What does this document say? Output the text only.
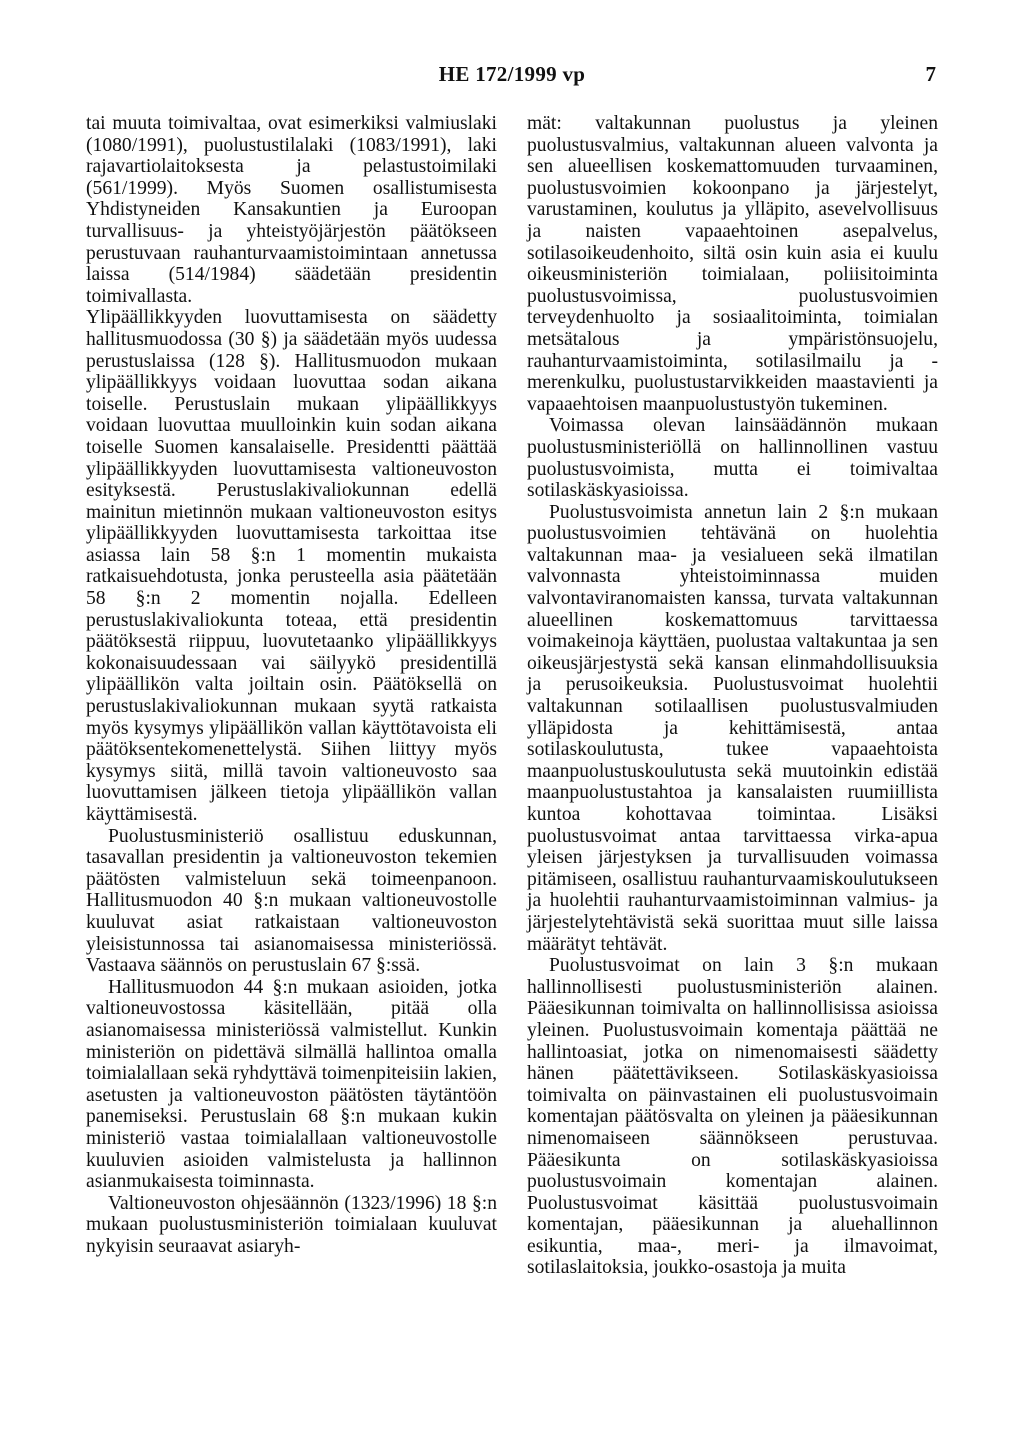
HE 172/1999 vp	7

tai muuta toimivaltaa, ovat esimerkiksi valmiuslaki (1080/1991), puolustustilalaki (1083/1991), laki rajavartiolaitoksesta ja pelastustoimilaki (561/1999). Myös Suomen osallistumisesta Yhdistyneiden Kansakuntien ja Euroopan turvallisuus- ja yhteistyöjärjestön päätökseen perustuvaan rauhanturvaamistoimintaan annetussa laissa (514/1984) säädetään presidentin toimivallasta.

Ylipäällikkyyden luovuttamisesta on säädetty hallitusmuodossa (30 §) ja säädetään myös uudessa perustuslaissa (128 §). Hallitusmuodon mukaan ylipäällikkyys voidaan luovuttaa sodan aikana toiselle. Perustuslain mukaan ylipäällikkyys voidaan luovuttaa muulloinkin kuin sodan aikana toiselle Suomen kansalaiselle. Presidentti päättää ylipäällikkyyden luovuttamisesta valtioneuvoston esityksestä. Perustuslakivaliokunnan edellä mainitun mietinnön mukaan valtioneuvoston esitys ylipäällikkyyden luovuttamisesta tarkoittaa itse asiassa lain 58 §:n 1 momentin mukaista ratkaisuehdotusta, jonka perusteella asia päätetään 58 §:n 2 momentin nojalla. Edelleen perustuslakivaliokunta toteaa, että presidentin päätöksestä riippuu, luovutetaanko ylipäällikkyys kokonaisuudessaan vai säilyykö presidentillä ylipäällikön valta joiltain osin. Päätöksellä on perustuslakivaliokunnan mukaan syytä ratkaista myös kysymys ylipäällikön vallan käyttötavoista eli päätöksentekomenettelystä. Siihen liittyy myös kysymys siitä, millä tavoin valtioneuvosto saa luovuttamisen jälkeen tietoja ylipäällikön vallan käyttämisestä.

Puolustusministeriö osallistuu eduskunnan, tasavallan presidentin ja valtioneuvoston tekemien päätösten valmisteluun sekä toimeenpanoon. Hallitusmuodon 40 §:n mukaan valtioneuvostolle kuuluvat asiat ratkaistaan valtioneuvoston yleisistunnossa tai asianomaisessa ministeriössä. Vastaava säännös on perustuslain 67 §:ssä.

Hallitusmuodon 44 §:n mukaan asioiden, jotka valtioneuvostossa käsitellään, pitää olla asianomaisessa ministeriössä valmistellut. Kunkin ministeriön on pidettävä silmällä hallintoa omalla toimialallaan sekä ryhdyttävä toimenpiteisiin lakien, asetusten ja valtioneuvoston päätösten täytäntöön panemiseksi. Perustuslain 68 §:n mukaan kukin ministeriö vastaa toimialallaan valtioneuvostolle kuuluvien asioiden valmistelusta ja hallinnon asianmukaisesta toiminnasta.

Valtioneuvoston ohjesäännön (1323/1996) 18 §:n mukaan puolustusministeriön toimialaan kuuluvat nykyisin seuraavat asiaryh-

mät: valtakunnan puolustus ja yleinen puolustusvalmius, valtakunnan alueen valvonta ja sen alueellisen koskemattomuuden turvaaminen, puolustusvoimien kokoonpano ja järjestelyt, varustaminen, koulutus ja ylläpito, asevelvollisuus ja naisten vapaaehtoinen asepalvelus, sotilasoikeudenhoito, siltä osin kuin asia ei kuulu oikeusministeriön toimialaan, poliisitoiminta puolustusvoimissa, puolustusvoimien terveydenhuolto ja sosiaalitoiminta, toimialan metsätalous ja ympäristönsuojelu, rauhanturvaamistoiminta, sotilasilmailu ja -merenkulku, puolustustarvikkeiden maastavienti ja vapaaehtoisen maanpuolustustyön tukeminen.

Voimassa olevan lainsäädännön mukaan puolustusministeriöllä on hallinnollinen vastuu puolustusvoimista, mutta ei toimivaltaa sotilaskäskyasioissa.

Puolustusvoimista annetun lain 2 §:n mukaan puolustusvoimien tehtävänä on huolehtia valtakunnan maa- ja vesialueen sekä ilmatilan valvonnasta yhteistoiminnassa muiden valvontaviranomaisten kanssa, turvata valtakunnan alueellinen koskemattomuus tarvittaessa voimakeinoja käyttäen, puolustaa valtakuntaa ja sen oikeusjärjestystä sekä kansan elinmahdollisuuksia ja perusoikeuksia. Puolustusvoimat huolehtii valtakunnan sotilaallisen puolustusvalmiuden ylläpidosta ja kehittämisestä, antaa sotilaskoulutusta, tukee vapaaehtoista maanpuolustuskoulutusta sekä muutoinkin edistää maanpuolustustahtoa ja kansalaisten ruumiillista kuntoa kohottavaa toimintaa. Lisäksi puolustusvoimat antaa tarvittaessa virka-apua yleisen järjestyksen ja turvallisuuden voimassa pitämiseen, osallistuu rauhanturvaamiskoulutukseen ja huolehtii rauhanturvaamistoiminnan valmius- ja järjestelytehtävistä sekä suorittaa muut sille laissa määrätyt tehtävät.

Puolustusvoimat on lain 3 §:n mukaan hallinnollisesti puolustusministeriön alainen. Pääesikunnan toimivalta on hallinnollisissa asioissa yleinen. Puolustusvoimain komentaja päättää ne hallintoasiat, jotka on nimenomaisesti säädetty hänen päätettävikseen. Sotilaskäskyasioissa toimivalta on päinvastainen eli puolustusvoimain komentajan päätösvalta on yleinen ja pääesikunnan nimenomaiseen säännökseen perustuvaa. Pääesikunta on sotilaskäskyasioissa puolustusvoimain komentajan alainen. Puolustusvoimat käsittää puolustusvoimain komentajan, pääesikunnan ja aluehallinnon esikuntia, maa-, meri- ja ilmavoimat, sotilaslaitoksia, joukko-osastoja ja muita
